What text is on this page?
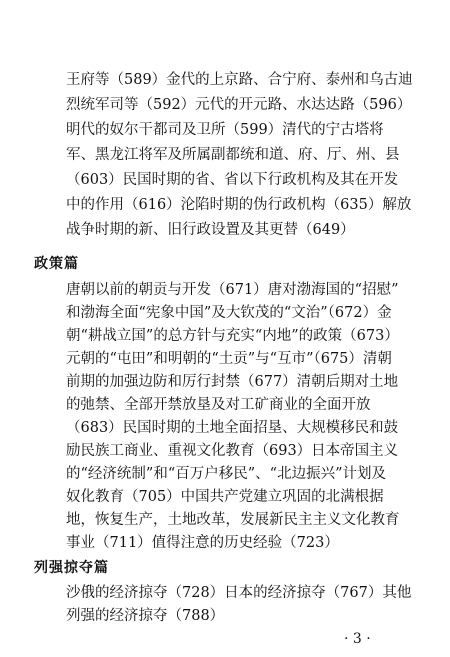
王府等（589）金代的上京路、合宁府、泰州和乌古迪
烈统军司等（592）元代的开元路、水达达路（596）
明代的奴尔干都司及卫所（599）清代的宁古塔将
军、黑龙江将军及所属副都统和道、府、厅、州、县
（603）民国时期的省、省以下行政机构及其在开发
中的作用（616）沦陷时期的伪行政机构（635）解放
战争时期的新、旧行政设置及其更替（649）
政策篇
唐朝以前的朝贡与开发（671）唐对渤海国的“招慰”
和渤海全面“宪象中国”及大钦茂的“文治”（672）金
朝“耕战立国”的总方针与充实“内地”的政策（673）
元朝的“屯田”和明朝的“土贡”与“互市”（675）清朝
前期的加强边防和厉行封禁（677）清朝后期对土地
的弛禁、全部开禁放垦及对工矿商业的全面开放
（683）民国时期的土地全面招垦、大规模移民和鼓
励民族工商业、重视文化教育（693）日本帝国主义
的“经济统制”和“百万户移民”、“北边振兴”计划及
奴化教育（705）中国共产党建立巩固的北满根据
地，恢复生产，土地改革，发展新民主主义文化教育
事业（711）值得注意的历史经验（723）
· 3 ·
列强掠夺篇
沙俄的经济掠夺（728）日本的经济掠夺（767）其他
列强的经济掠夺（788）
